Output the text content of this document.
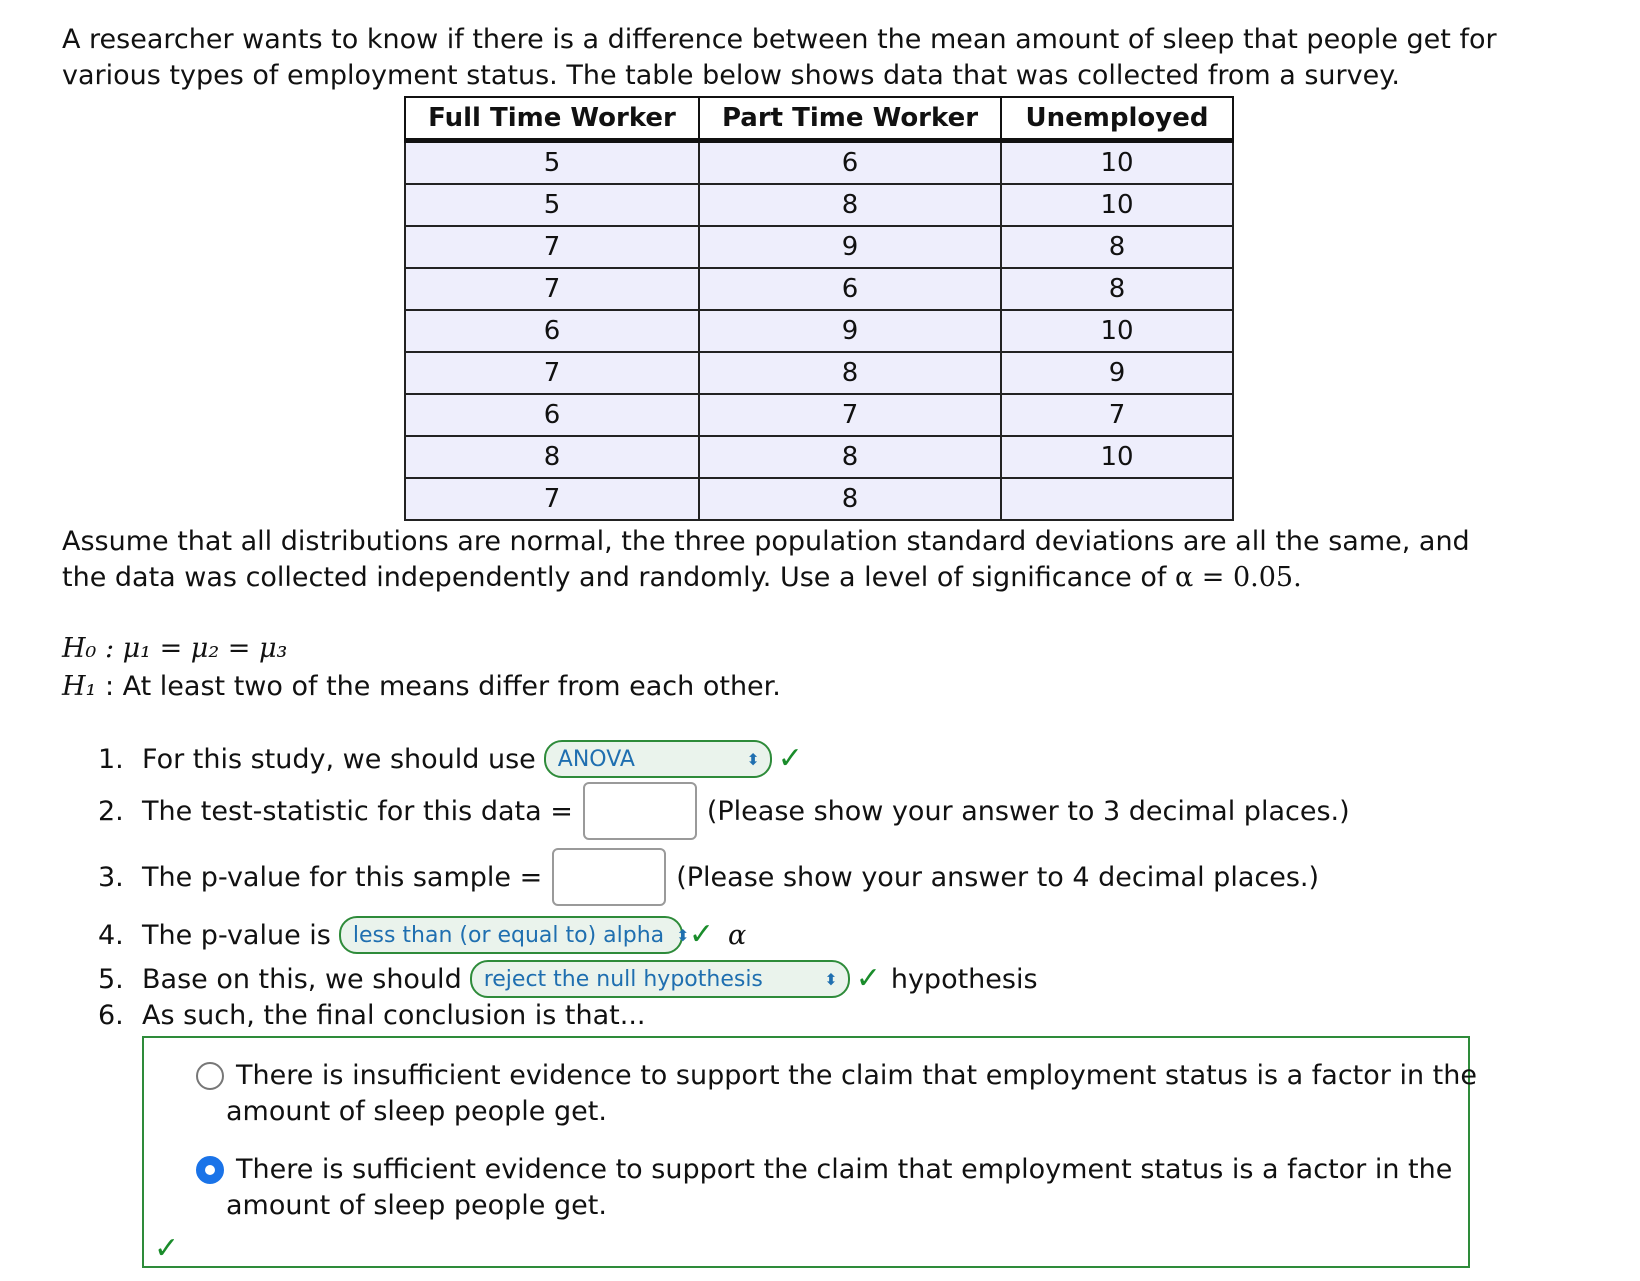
A researcher wants to know if there is a difference between the mean amount of sleep that people get for
various types of employment status. The table below shows data that was collected from a survey.
Full Time Worker	Part Time Worker	Unemployed
5	6	10
5	8	10
7	9	8
7	6	8
6	9	10
7	8	9
6	7	7
8	8	10
7	8	
Assume that all distributions are normal, the three population standard deviations are all the same, and
the data was collected independently and randomly. Use a level of significance of α = 0.05.
H₀ : μ₁ = μ₂ = μ₃
H₁ : At least two of the means differ from each other.
1. For this study, we should use ANOVA	⬍ ✓
2. The test-statistic for this data =	(Please show your answer to 3 decimal places.)
3. The p-value for this sample =	(Please show your answer to 4 decimal places.)
4. The p-value is less than (or equal to) alpha ⬍ ✓ α
5. Base on this, we should reject the null hypothesis	⬍ ✓ hypothesis
6. As such, the final conclusion is that...
There is insufficient evidence to support the claim that employment status is a factor in the
amount of sleep people get.
There is sufficient evidence to support the claim that employment status is a factor in the
amount of sleep people get.
✓
